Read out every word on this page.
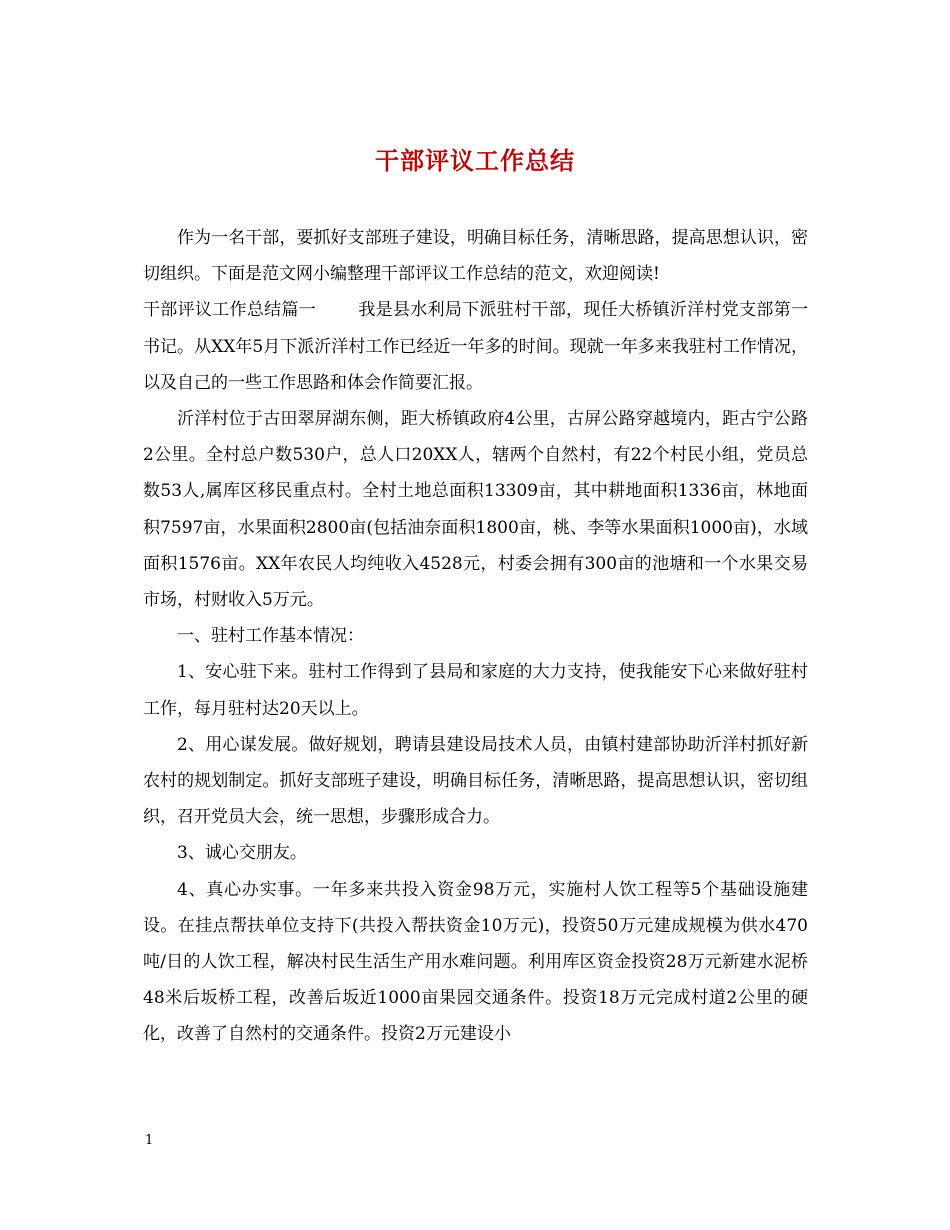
干部评议工作总结

作为一名干部，要抓好支部班子建设，明确目标任务，清晰思路，提高思想认识，密切组织。下面是范文网小编整理干部评议工作总结的范文，欢迎阅读!

干部评议工作总结篇一 我是县水利局下派驻村干部，现任大桥镇沂洋村党支部第一书记。从XX年5月下派沂洋村工作已经近一年多的时间。现就一年多来我驻村工作情况，以及自己的一些工作思路和体会作简要汇报。

沂洋村位于古田翠屏湖东侧，距大桥镇政府4公里，古屏公路穿越境内，距古宁公路2公里。全村总户数530户，总人口20XX人，辖两个自然村，有22个村民小组，党员总数53人,属库区移民重点村。全村土地总面积13309亩，其中耕地面积1336亩，林地面积7597亩，水果面积2800亩(包括油奈面积1800亩，桃、李等水果面积1000亩)，水域面积1576亩。XX年农民人均纯收入4528元，村委会拥有300亩的池塘和一个水果交易市场，村财收入5万元。

一、驻村工作基本情况：

1、安心驻下来。驻村工作得到了县局和家庭的大力支持，使我能安下心来做好驻村工作，每月驻村达20天以上。

2、用心谋发展。做好规划，聘请县建设局技术人员，由镇村建部协助沂洋村抓好新农村的规划制定。抓好支部班子建设，明确目标任务，清晰思路，提高思想认识，密切组织，召开党员大会，统一思想，步骤形成合力。

3、诚心交朋友。

4、真心办实事。一年多来共投入资金98万元，实施村人饮工程等5个基础设施建设。在挂点帮扶单位支持下(共投入帮扶资金10万元)，投资50万元建成规模为供水470吨/日的人饮工程，解决村民生活生产用水难问题。利用库区资金投资28万元新建水泥桥48米后坂桥工程，改善后坂近1000亩果园交通条件。投资18万元完成村道2公里的硬化，改善了自然村的交通条件。投资2万元建设小

1
